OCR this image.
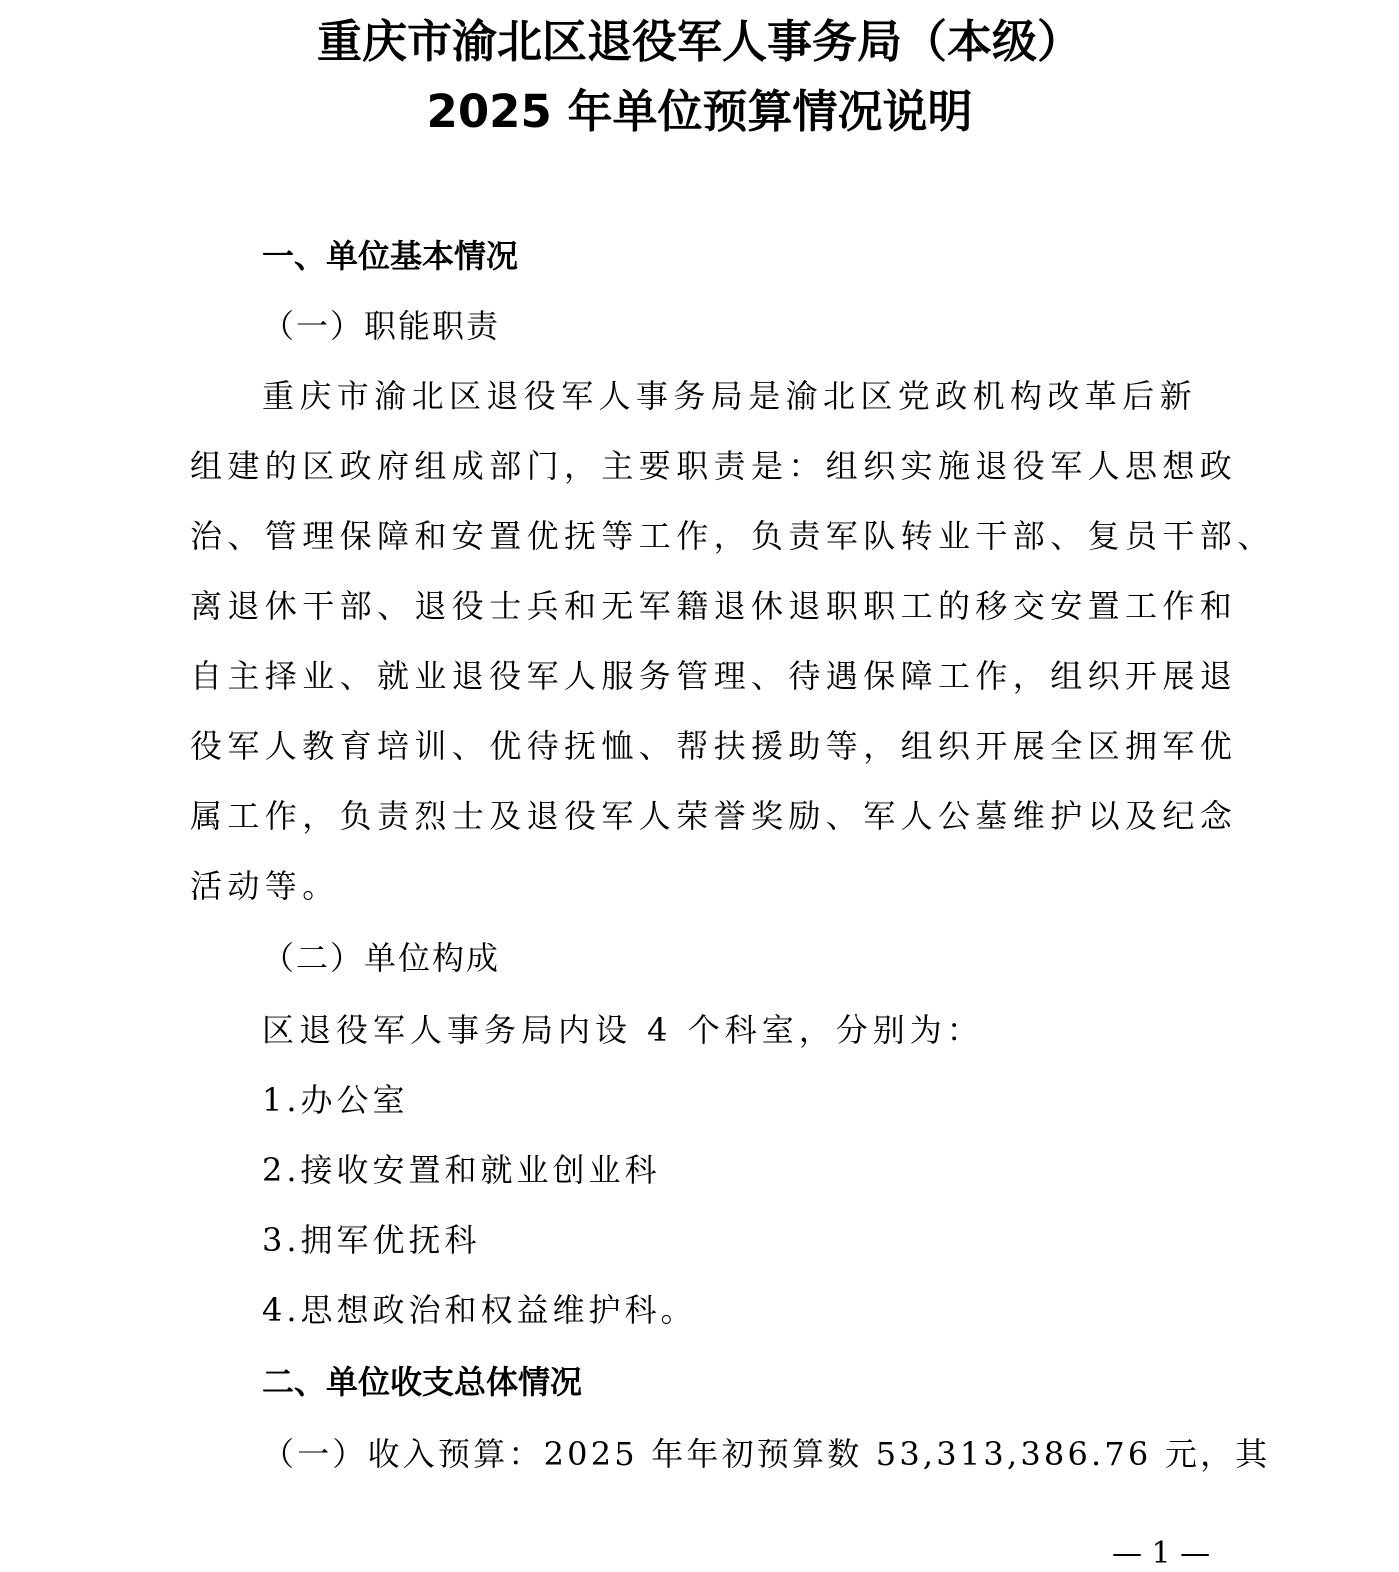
重庆市渝北区退役军人事务局（本级）
2025 年单位预算情况说明
一、单位基本情况
（一）职能职责
重庆市渝北区退役军人事务局是渝北区党政机构改革后新
组建的区政府组成部门，主要职责是：组织实施退役军人思想政
治、管理保障和安置优抚等工作，负责军队转业干部、复员干部、
离退休干部、退役士兵和无军籍退休退职职工的移交安置工作和
自主择业、就业退役军人服务管理、待遇保障工作，组织开展退
役军人教育培训、优待抚恤、帮扶援助等，组织开展全区拥军优
属工作，负责烈士及退役军人荣誉奖励、军人公墓维护以及纪念
活动等。
（二）单位构成
区退役军人事务局内设 4 个科室，分别为：
1.办公室
2.接收安置和就业创业科
3.拥军优抚科
4.思想政治和权益维护科。
二、单位收支总体情况
（一）收入预算：2025 年年初预算数 53,313,386.76 元，其
— 1 —
